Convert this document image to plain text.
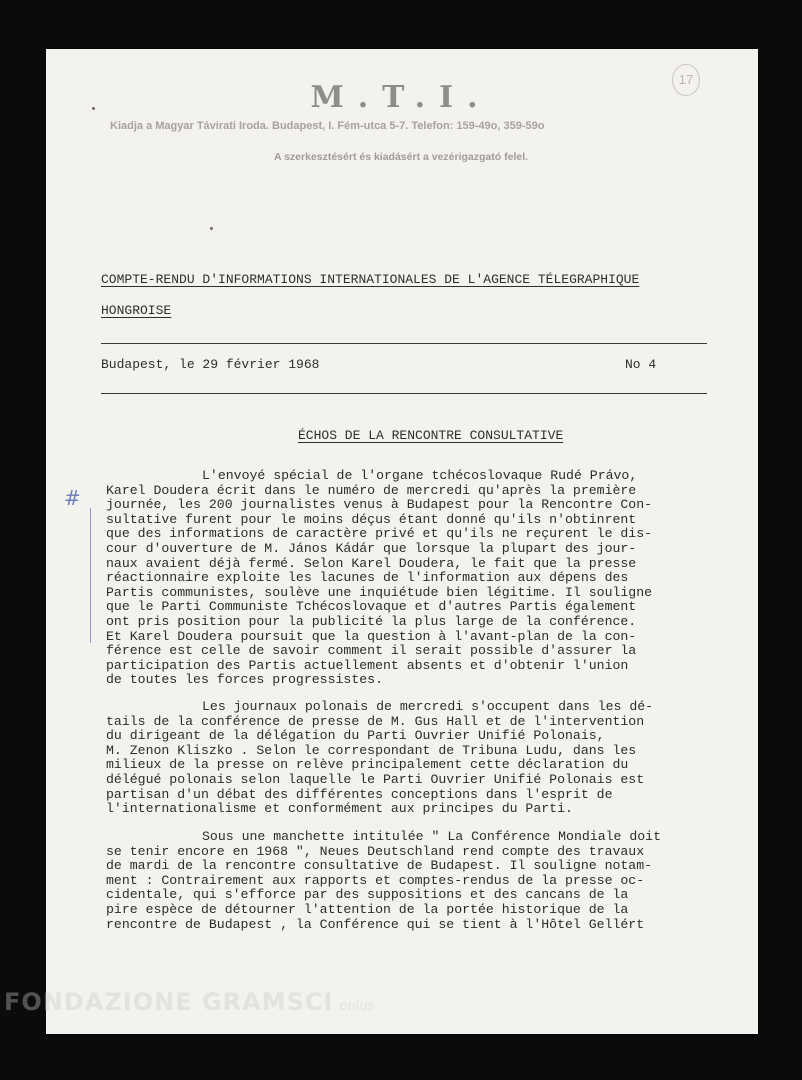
M.T.I.
17
Kiadja a Magyar Távirati Iroda. Budapest, I. Fém-utca 5-7. Telefon: 159-49o, 359-59o
A szerkesztésért és kiadásért a vezérigazgató felel.
COMPTE-RENDU D'INFORMATIONS INTERNATIONALES DE L'AGENCE TÉLEGRAPHIQUE
HONGROISE
Budapest, le 29 février 1968	No 4
ÉCHOS DE LA RENCONTRE CONSULTATIVE
#
L'envoyé spécial de l'organe tchécoslovaque Rudé Právo,
Karel Doudera écrit dans le numéro de mercredi qu'après la première
journée, les 200 journalistes venus à Budapest pour la Rencontre Con-
sultative furent pour le moins déçus étant donné qu'ils n'obtinrent
que des informations de caractère privé et qu'ils ne reçurent le dis-
cour d'ouverture de M. János Kádár que lorsque la plupart des jour-
naux avaient déjà fermé. Selon Karel Doudera, le fait que la presse
réactionnaire exploite les lacunes de l'information aux dépens des
Partis communistes, soulève une inquiétude bien légitime. Il souligne
que le Parti Communiste Tchécoslovaque et d'autres Partis également
ont pris position pour la publicité la plus large de la conférence.
Et Karel Doudera poursuit que la question à l'avant-plan de la con-
férence est celle de savoir comment il serait possible d'assurer la
participation des Partis actuellement absents et d'obtenir l'union
de toutes les forces progressistes.
Les journaux polonais de mercredi s'occupent dans les dé-
tails de la conférence de presse de M. Gus Hall et de l'intervention
du dirigeant de la délégation du Parti Ouvrier Unifié Polonais,
M. Zenon Kliszko . Selon le correspondant de Tribuna Ludu, dans les
milieux de la presse on relève principalement cette déclaration du
délégué polonais selon laquelle le Parti Ouvrier Unifié Polonais est
partisan d'un débat des différentes conceptions dans l'esprit de
l'internationalisme et conformément aux principes du Parti.
Sous une manchette intitulée " La Conférence Mondiale doit
se tenir encore en 1968 ", Neues Deutschland rend compte des travaux
de mardi de la rencontre consultative de Budapest. Il souligne notam-
ment : Contrairement aux rapports et comptes-rendus de la presse oc-
cidentale, qui s'efforce par des suppositions et des cancans de la
pire espèce de détourner l'attention de la portée historique de la
rencontre de Budapest , la Conférence qui se tient à l'Hôtel Gellért
FONDAZIONE GRAMSCI onlus
